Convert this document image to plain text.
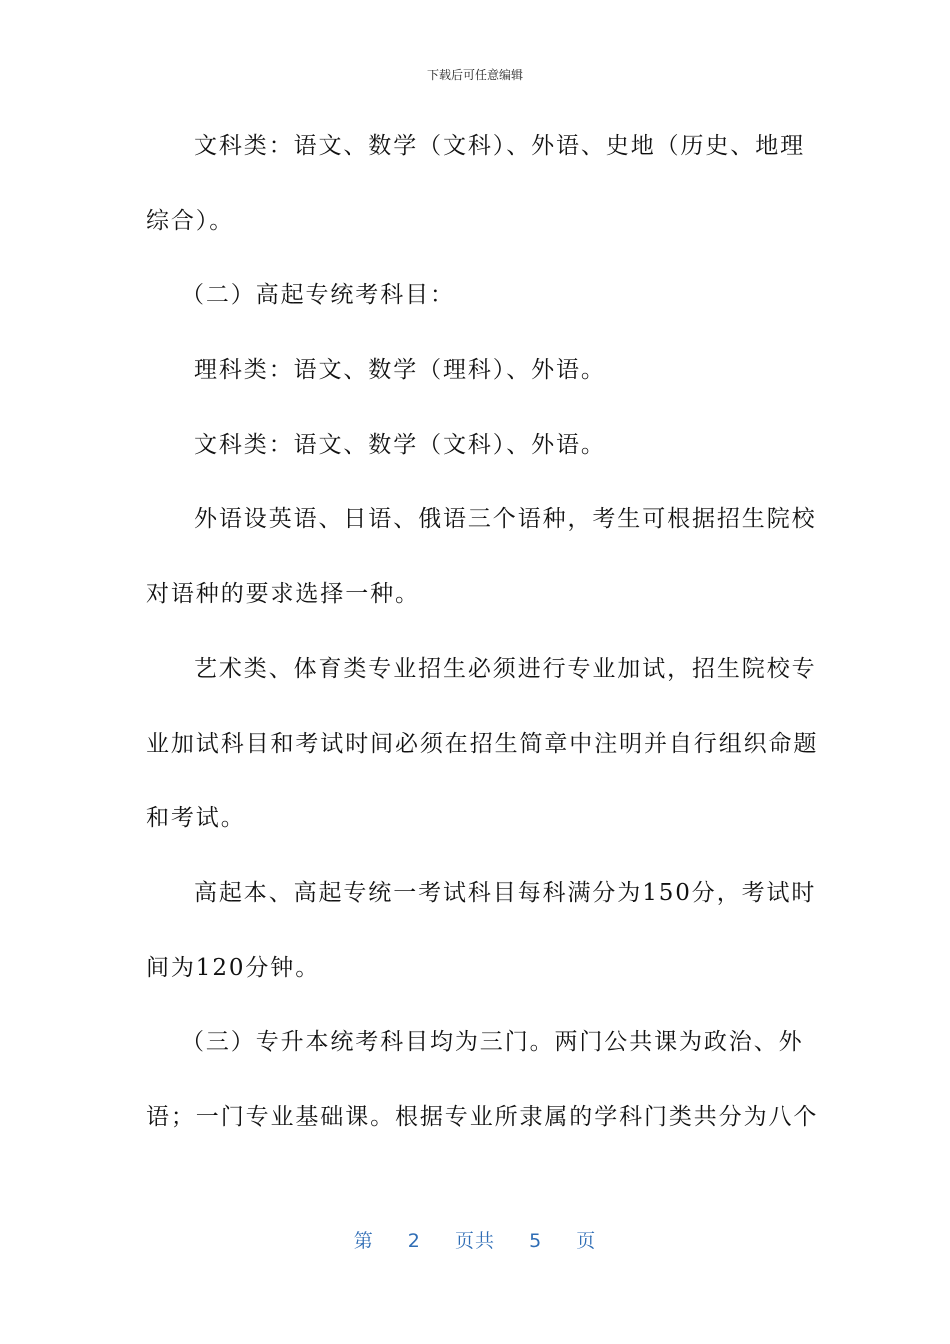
下载后可任意编辑
文科类：语文、数学（文科）、外语、史地（历史、地理
综合）。
（二）高起专统考科目：
理科类：语文、数学（理科）、外语。
文科类：语文、数学（文科）、外语。
外语设英语、日语、俄语三个语种，考生可根据招生院校
对语种的要求选择一种。
艺术类、体育类专业招生必须进行专业加试，招生院校专
业加试科目和考试时间必须在招生简章中注明并自行组织命题
和考试。
高起本、高起专统一考试科目每科满分为150分，考试时
间为120分钟。
（三）专升本统考科目均为三门。两门公共课为政治、外
语；一门专业基础课。根据专业所隶属的学科门类共分为八个
第 2 页共 5 页
